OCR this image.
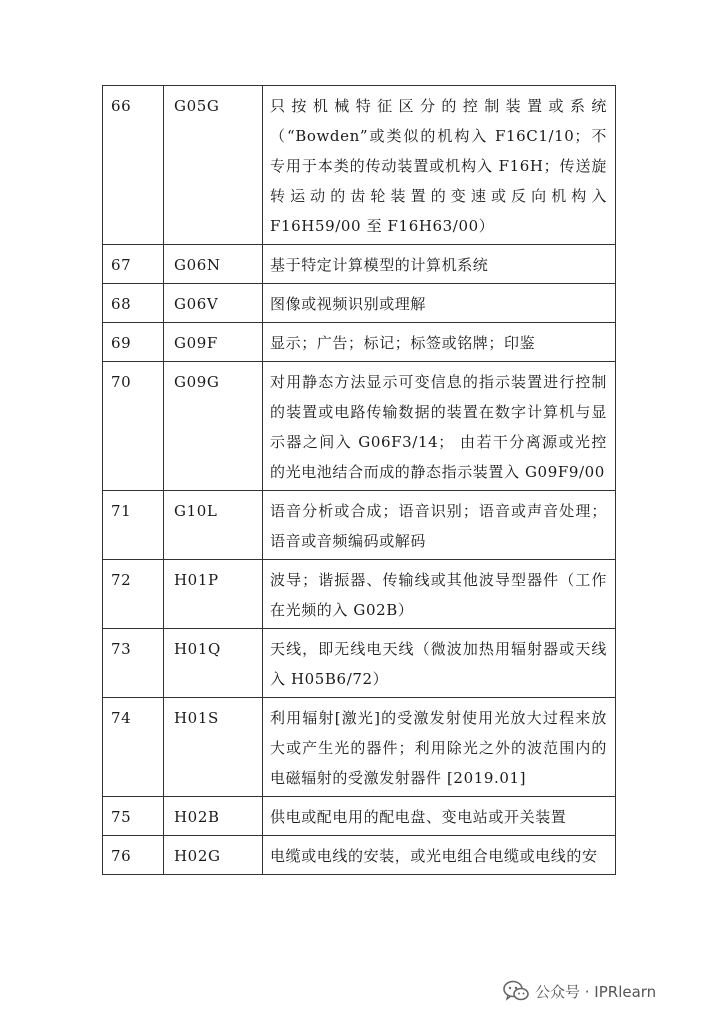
66	G05G	只按机械特征区分的控制装置或系统（“Bowden”或类似的机构入 F16C1/10；不专用于本类的传动装置或机构入 F16H；传送旋转运动的齿轮装置的变速或反向机构入 F16H59/00 至 F16H63/00）
67	G06N	基于特定计算模型的计算机系统
68	G06V	图像或视频识别或理解
69	G09F	显示；广告；标记；标签或铭牌；印鉴
70	G09G	对用静态方法显示可变信息的指示装置进行控制的装置或电路传输数据的装置在数字计算机与显示器之间入 G06F3/14； 由若干分离源或光控的光电池结合而成的静态指示装置入 G09F9/00
71	G10L	语音分析或合成；语音识别；语音或声音处理；语音或音频编码或解码
72	H01P	波导；谐振器、传输线或其他波导型器件（工作在光频的入 G02B）
73	H01Q	天线，即无线电天线（微波加热用辐射器或天线入 H05B6/72）
74	H01S	利用辐射[激光]的受激发射使用光放大过程来放大或产生光的器件；利用除光之外的波范围内的电磁辐射的受激发射器件 [2019.01]
75	H02B	供电或配电用的配电盘、变电站或开关装置
76	H02G	电缆或电线的安装，或光电组合电缆或电线的安
公众号 · IPRlearn
